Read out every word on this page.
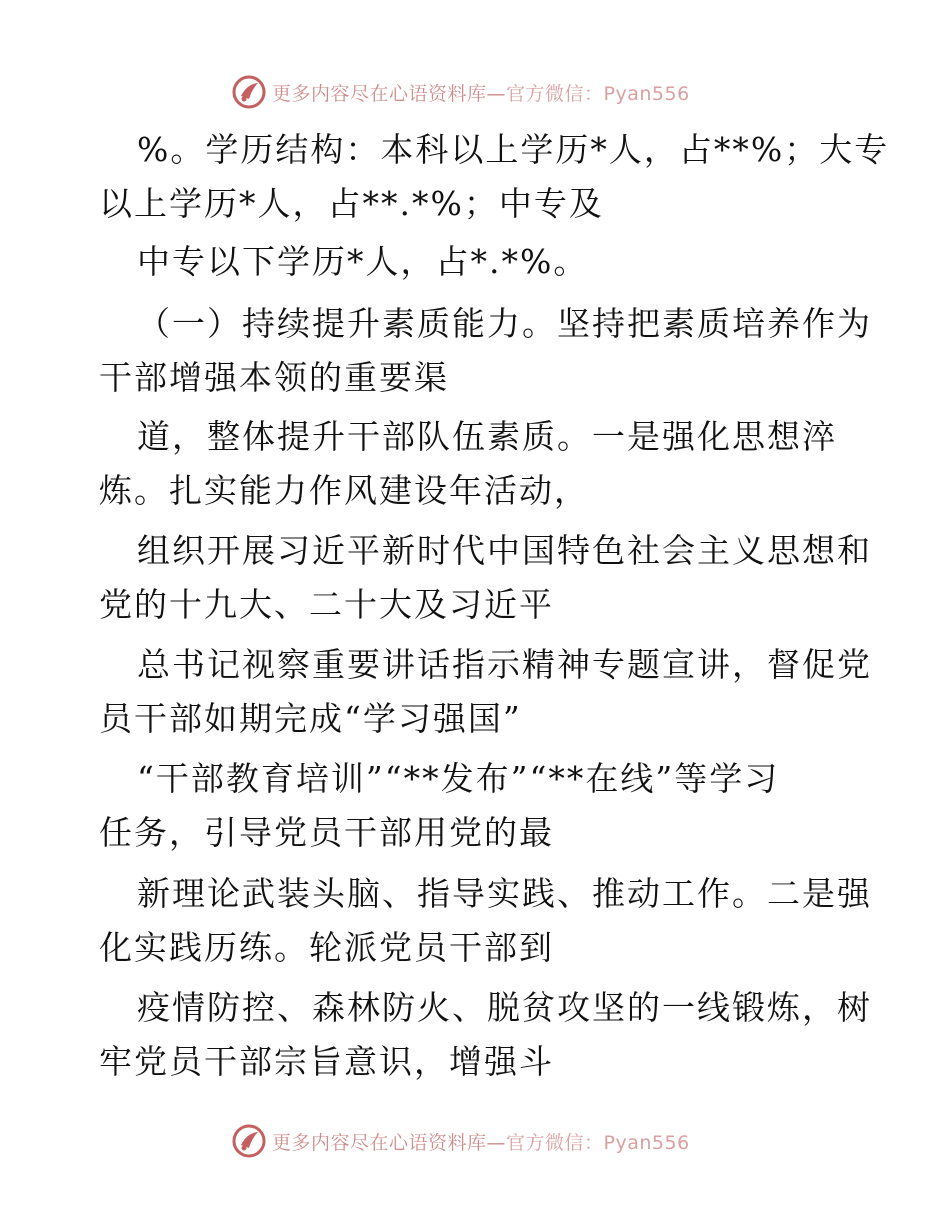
更多内容尽在心语资料库—官方微信：Pyan556
%。学历结构：本科以上学历*人，占**%；大专
以上学历*人，占**.*%；中专及
中专以下学历*人，占*.*%。
（一）持续提升素质能力。坚持把素质培养作为
干部增强本领的重要渠
道，整体提升干部队伍素质。一是强化思想淬
炼。扎实能力作风建设年活动，
组织开展习近平新时代中国特色社会主义思想和
党的十九大、二十大及习近平
总书记视察重要讲话指示精神专题宣讲，督促党
员干部如期完成“学习强国”
“干部教育培训”“**发布”“**在线”等学习
任务，引导党员干部用党的最
新理论武装头脑、指导实践、推动工作。二是强
化实践历练。轮派党员干部到
疫情防控、森林防火、脱贫攻坚的一线锻炼，树
牢党员干部宗旨意识，增强斗
更多内容尽在心语资料库—官方微信：Pyan556
